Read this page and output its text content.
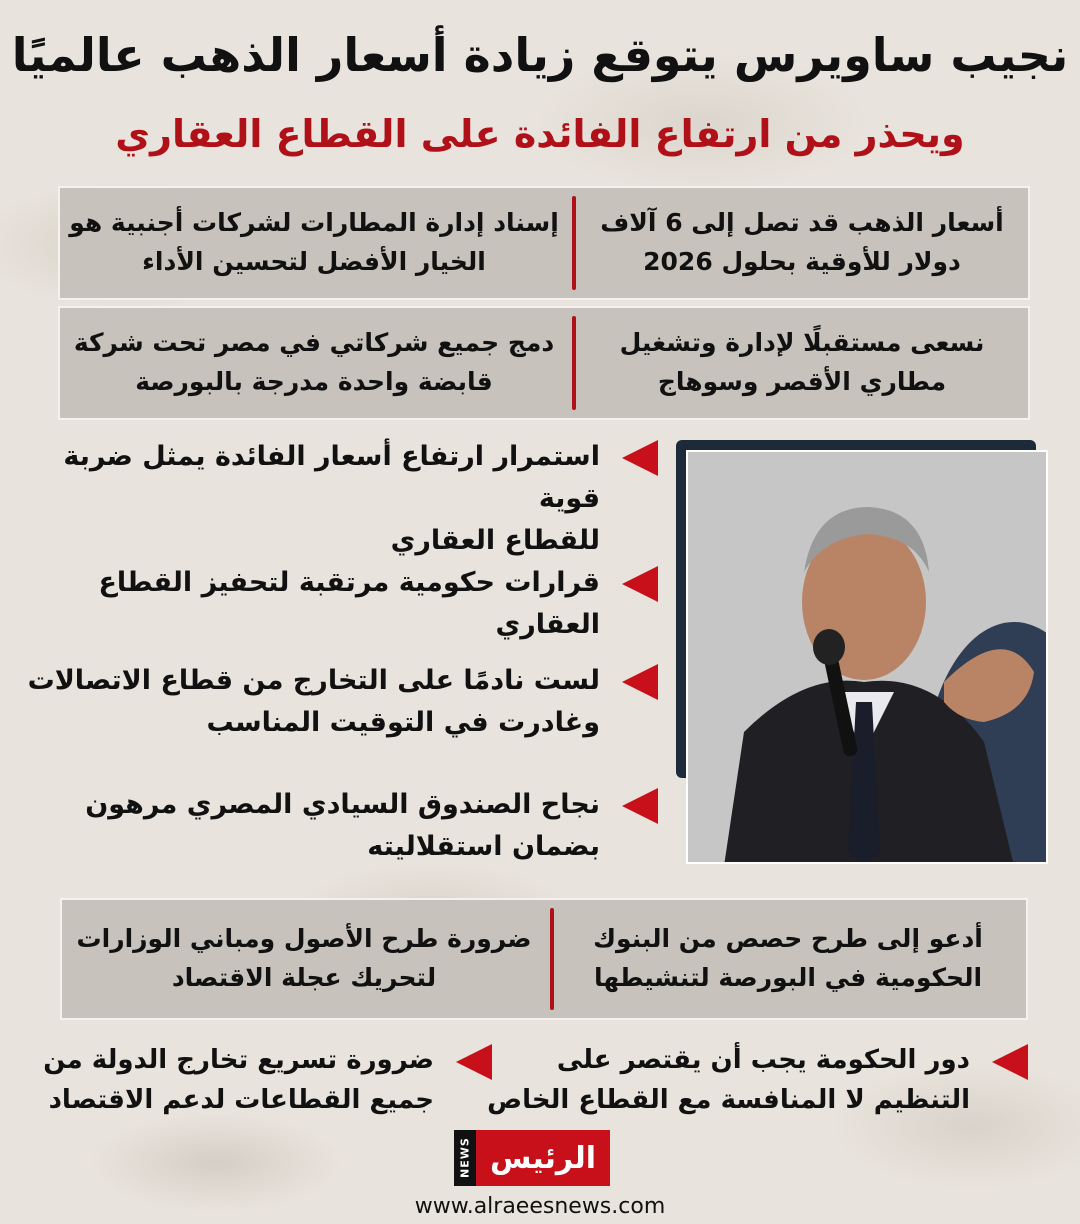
نجيب ساويرس يتوقع زيادة أسعار الذهب عالميًا
ويحذر من ارتفاع الفائدة على القطاع العقاري
أسعار الذهب قد تصل إلى 6 آلاف
دولار للأوقية بحلول 2026
إسناد إدارة المطارات لشركات أجنبية هو
الخيار الأفضل لتحسين الأداء
نسعى مستقبلًا لإدارة وتشغيل
مطاري الأقصر وسوهاج
دمج جميع شركاتي في مصر تحت شركة
قابضة واحدة مدرجة بالبورصة
استمرار ارتفاع أسعار الفائدة يمثل ضربة قوية
للقطاع العقاري
قرارات حكومية مرتقبة لتحفيز القطاع العقاري
لست نادمًا على التخارج من قطاع الاتصالات
وغادرت في التوقيت المناسب
نجاح الصندوق السيادي المصري مرهون
بضمان استقلاليته
أدعو إلى طرح حصص من البنوك
الحكومية في البورصة لتنشيطها
ضرورة طرح الأصول ومباني الوزارات
لتحريك عجلة الاقتصاد
دور الحكومة يجب أن يقتصر على
التنظيم لا المنافسة مع القطاع الخاص
ضرورة تسريع تخارج الدولة من
جميع القطاعات لدعم الاقتصاد
NEWS الرئيس
www.alraeesnews.com
